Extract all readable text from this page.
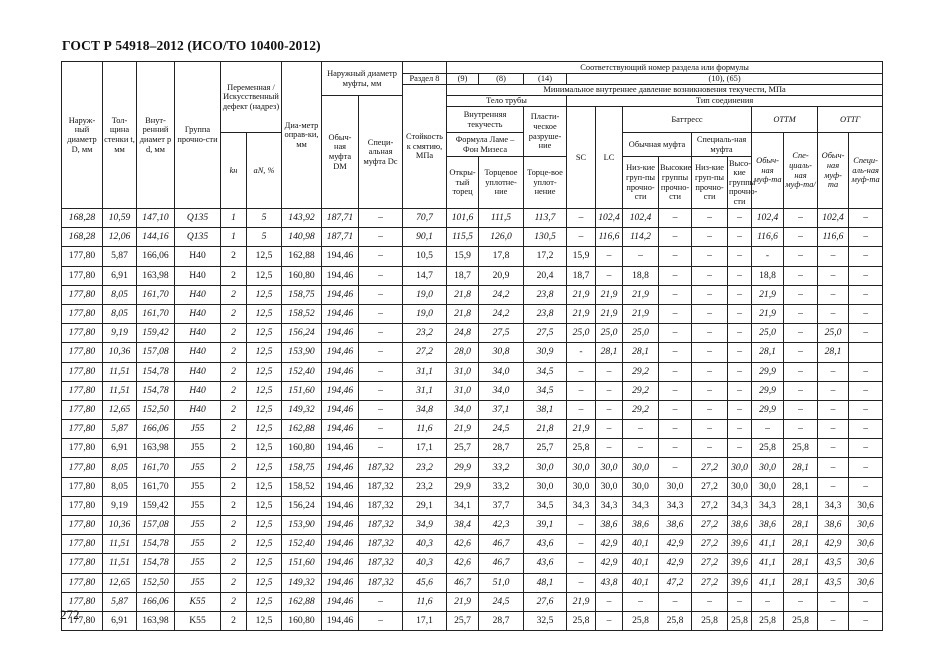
ГОСТ Р 54918–2012 (ИСО/ТО 10400-2012)
Наруж-ный диаметр D, мм	Тол-щина стенки t, мм	Внут-ренний диамет р d, мм	Группа прочно-сти	Переменная /Искусственный дефект (надрез)		Диа-метр оправ-ки, мм	Наружный диаметр муфты, мм			Соответствующий номер раздела или формулы												
									Раздел 8	(9)	(8)	(14)	(10), (65)									
									Стойкость к смятию, МПа	Минимальное внутреннее давление возникновения текучести, МПа												
							Обыч-ная муфта DM	Специ-альная муфта Dc		Тело трубы			Тип соединения									
										Внутренняя текучесть		Пласти-ческое разруше-ние	SC	LC	Баттресс				ОТТМ		ОТТГ	
				kн	aN, %					Формула Ламе – Фон Мизеса					Обычная муфта		Специаль-ная муфта		Обыч-ная муф-та	Спе-циаль-ная муф-та/	Обыч-ная муф-та	Специ-аль-ная муф-та
										Откры-тый торец	Торцевое уплотне-ние	Торце-вое уплот-нение			Низ-кие груп-пы прочно-сти	Высокие группы прочно-сти	Низ-кие груп-пы прочно-сти	Высо-кие группы прочно-сти				
168,28	10,59	147,10	Q135	1	5	143,92	187,71	–	70,7	101,6	111,5	113,7	–	102,4	102,4	–	–	–	102,4	–	102,4	–
168,28	12,06	144,16	Q135	1	5	140,98	187,71	–	90,1	115,5	126,0	130,5	–	116,6	114,2	–	–	–	116,6	–	116,6	–
177,80	5,87	166,06	H40	2	12,5	162,88	194,46	–	10,5	15,9	17,8	17,2	15,9	–	–	–	–	–	-	–	–	–
177,80	6,91	163,98	H40	2	12,5	160,80	194,46	–	14,7	18,7	20,9	20,4	18,7	–	18,8	–	–	–	18,8	–	–	–
177,80	8,05	161,70	H40	2	12,5	158,75	194,46	–	19,0	21,8	24,2	23,8	21,9	21,9	21,9	–	–	–	21,9	–	–	–
177,80	8,05	161,70	H40	2	12,5	158,52	194,46	–	19,0	21,8	24,2	23,8	21,9	21,9	21,9	–	–	–	21,9	–	–	–
177,80	9,19	159,42	H40	2	12,5	156,24	194,46	–	23,2	24,8	27,5	27,5	25,0	25,0	25,0	–	–	–	25,0	–	25,0	–
177,80	10,36	157,08	H40	2	12,5	153,90	194,46	–	27,2	28,0	30,8	30,9	-	28,1	28,1	–	–	–	28,1	–	28,1	
177,80	11,51	154,78	H40	2	12,5	152,40	194,46	–	31,1	31,0	34,0	34,5	–	–	29,2	–	–	–	29,9	–	–	–
177,80	11,51	154,78	H40	2	12,5	151,60	194,46	–	31,1	31,0	34,0	34,5	–	–	29,2	–	–	–	29,9	–	–	–
177,80	12,65	152,50	H40	2	12,5	149,32	194,46	–	34,8	34,0	37,1	38,1	–	–	29,2	–	–	–	29,9	–	–	–
177,80	5,87	166,06	J55	2	12,5	162,88	194,46	–	11,6	21,9	24,5	21,8	21,9	–	–	–	–	–	–	–	–	–
177,80	6,91	163,98	J55	2	12,5	160,80	194,46	–	17,1	25,7	28,7	25,7	25,8	–	–	–	–	–	25,8	25,8	–	–
177,80	8,05	161,70	J55	2	12,5	158,75	194,46	187,32	23,2	29,9	33,2	30,0	30,0	30,0	30,0	–	27,2	30,0	30,0	28,1	–	–
177,80	8,05	161,70	J55	2	12,5	158,52	194,46	187,32	23,2	29,9	33,2	30,0	30,0	30,0	30,0	30,0	27,2	30,0	30,0	28,1	–	–
177,80	9,19	159,42	J55	2	12,5	156,24	194,46	187,32	29,1	34,1	37,7	34,5	34,3	34,3	34,3	34,3	27,2	34,3	34,3	28,1	34,3	30,6
177,80	10,36	157,08	J55	2	12,5	153,90	194,46	187,32	34,9	38,4	42,3	39,1	–	38,6	38,6	38,6	27,2	38,6	38,6	28,1	38,6	30,6
177,80	11,51	154,78	J55	2	12,5	152,40	194,46	187,32	40,3	42,6	46,7	43,6	–	42,9	40,1	42,9	27,2	39,6	41,1	28,1	42,9	30,6
177,80	11,51	154,78	J55	2	12,5	151,60	194,46	187,32	40,3	42,6	46,7	43,6	–	42,9	40,1	42,9	27,2	39,6	41,1	28,1	43,5	30,6
177,80	12,65	152,50	J55	2	12,5	149,32	194,46	187,32	45,6	46,7	51,0	48,1	–	43,8	40,1	47,2	27,2	39,6	41,1	28,1	43,5	30,6
177,80	5,87	166,06	K55	2	12,5	162,88	194,46	–	11,6	21,9	24,5	27,6	21,9	–	–	–	–	–	–	–	–	–
177,80	6,91	163,98	K55	2	12,5	160,80	194,46	–	17,1	25,7	28,7	32,5	25,8	–	25,8	25,8	25,8	25,8	25,8	25,8	–	–
272
